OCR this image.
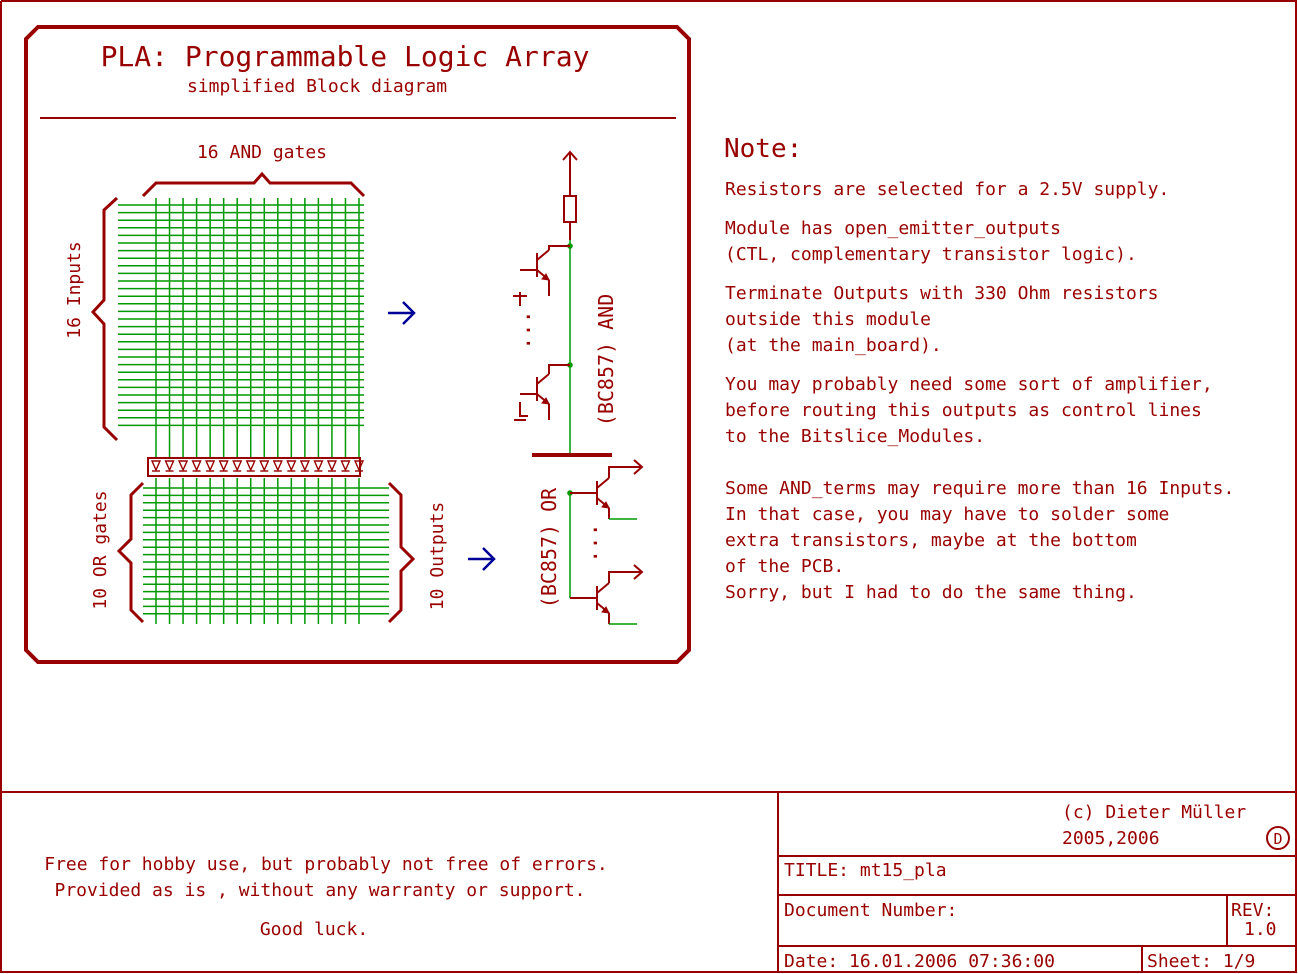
PLA: Programmable Logic Array
simplified Block diagram
16 AND gates
16 Inputs
10 OR gates	10 Outputs
...	(BC857) AND
...
(BC857) OR
Note:
Resistors are selected for a 2.5V supply.
Module has open_emitter_outputs
(CTL, complementary transistor logic).
Terminate Outputs with 330 Ohm resistors
outside this module
(at the main_board).
You may probably need some sort of amplifier,
before routing this outputs as control lines
to the Bitslice_Modules.
Some AND_terms may require more than 16 Inputs.
In that case, you may have to solder some
extra transistors, maybe at the bottom
of the PCB.
Sorry, but I had to do the same thing.
Free for hobby use, but probably not free of errors.
Provided as is , without any warranty or support.
Good luck.
(c) Dieter Müller
2005,2006	D
TITLE: mt15_pla
Document Number:	REV:
1.0
Date: 16.01.2006 07:36:00	Sheet: 1/9
